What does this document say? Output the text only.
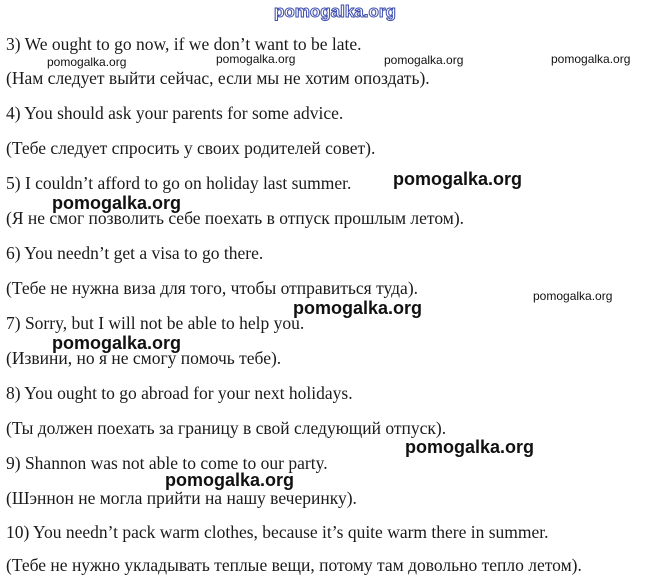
pomogalka.org
3) We ought to go now, if we don’t want to be late.
(Нам следует выйти сейчас, если мы не хотим опоздать).
4) You should ask your parents for some advice.
(Тебе следует спросить у своих родителей совет).
5) I couldn’t afford to go on holiday last summer.
(Я не смог позволить себе поехать в отпуск прошлым летом).
6) You needn’t get a visa to go there.
(Тебе не нужна виза для того, чтобы отправиться туда).
7) Sorry, but I will not be able to help you.
(Извини, но я не смогу помочь тебе).
8) You ought to go abroad for your next holidays.
(Ты должен поехать за границу в свой следующий отпуск).
9) Shannon was not able to come to our party.
(Шэннон не могла прийти на нашу вечеринку).
10) You needn’t pack warm clothes, because it’s quite warm there in summer.
(Тебе не нужно укладывать теплые вещи, потому там довольно тепло летом).
pomogalka.org	pomogalka.org	pomogalka.org	pomogalka.org
pomogalka.org
pomogalka.org
pomogalka.org
pomogalka.org
pomogalka.org
pomogalka.org
pomogalka.org
